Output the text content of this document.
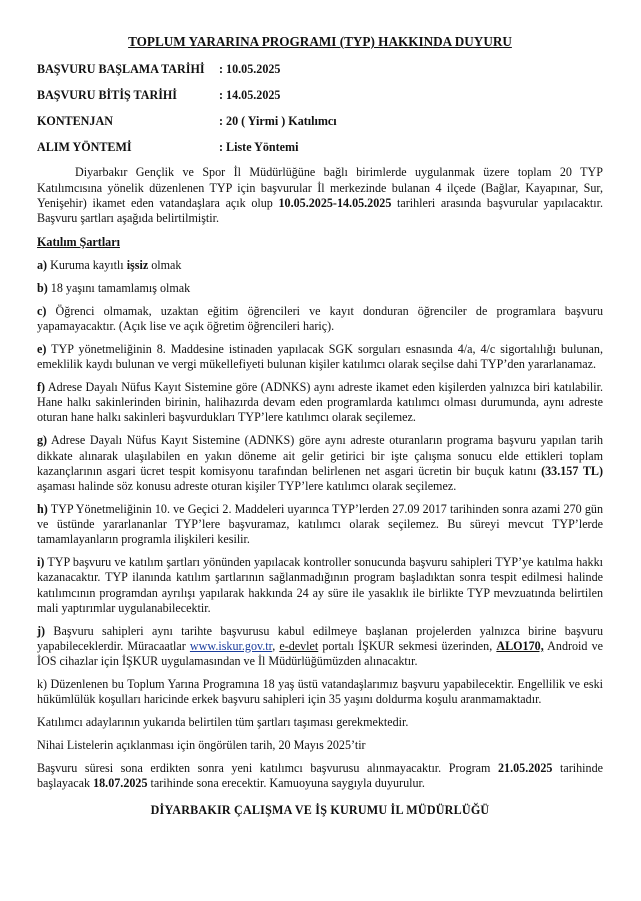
TOPLUM YARARINA PROGRAMI (TYP) HAKKINDA DUYURU
BAŞVURU BAŞLAMA TARİHİ	: 10.05.2025
BAŞVURU BİTİŞ TARİHİ	: 14.05.2025
KONTENJAN	: 20 ( Yirmi ) Katılımcı
ALIM YÖNTEMİ	: Liste Yöntemi

Diyarbakır Gençlik ve Spor İl Müdürlüğüne bağlı birimlerde uygulanmak üzere toplam 20 TYP Katılımcısına yönelik düzenlenen TYP için başvurular İl merkezinde bulanan 4 ilçede (Bağlar, Kayapınar, Sur, Yenişehir) ikamet eden vatandaşlara açık olup 10.05.2025-14.05.2025 tarihleri arasında başvurular yapılacaktır. Başvuru şartları aşağıda belirtilmiştir.

Katılım Şartları

a) Kuruma kayıtlı işsiz olmak

b) 18 yaşını tamamlamış olmak

c) Öğrenci olmamak, uzaktan eğitim öğrencileri ve kayıt donduran öğrenciler de programlara başvuru yapamayacaktır. (Açık lise ve açık öğretim öğrencileri hariç).

e) TYP yönetmeliğinin 8. Maddesine istinaden yapılacak SGK sorguları esnasında 4/a, 4/c sigortalılığı bulunan, emeklilik kaydı bulunan ve vergi mükellefiyeti bulunan kişiler katılımcı olarak seçilse dahi TYP’den yararlanamaz.

f) Adrese Dayalı Nüfus Kayıt Sistemine göre (ADNKS) aynı adreste ikamet eden kişilerden yalnızca biri katılabilir. Hane halkı sakinlerinden birinin, halihazırda devam eden programlarda katılımcı olması durumunda, aynı adreste oturan hane halkı sakinleri başvurdukları TYP’lere katılımcı olarak seçilemez.

g) Adrese Dayalı Nüfus Kayıt Sistemine (ADNKS) göre aynı adreste oturanların programa başvuru yapılan tarih dikkate alınarak ulaşılabilen en yakın döneme ait gelir getirici bir işte çalışma sonucu elde ettikleri toplam kazançlarının asgari ücret tespit komisyonu tarafından belirlenen net asgari ücretin bir buçuk katını (33.157 TL) aşaması halinde söz konusu adreste oturan kişiler TYP’lere katılımcı olarak seçilemez.

h) TYP Yönetmeliğinin 10. ve Geçici 2. Maddeleri uyarınca TYP’lerden 27.09 2017 tarihinden sonra azami 270 gün ve üstünde yararlananlar TYP’lere başvuramaz, katılımcı olarak seçilemez. Bu süreyi mevcut TYP’lerde tamamlayanların programla ilişkileri kesilir.

i) TYP başvuru ve katılım şartları yönünden yapılacak kontroller sonucunda başvuru sahipleri TYP’ye katılma hakkı kazanacaktır. TYP ilanında katılım şartlarının sağlanmadığının program başladıktan sonra tespit edilmesi halinde katılımcının programdan ayrılışı yapılarak hakkında 24 ay süre ile yasaklık ile birlikte TYP mevzuatında belirtilen mali yaptırımlar uygulanabilecektir.

j) Başvuru sahipleri aynı tarihte başvurusu kabul edilmeye başlanan projelerden yalnızca birine başvuru yapabileceklerdir. Müracaatlar www.iskur.gov.tr, e-devlet portalı İŞKUR sekmesi üzerinden, ALO170, Android ve İOS cihazlar için İŞKUR uygulamasından ve İl Müdürlüğümüzden alınacaktır.

k) Düzenlenen bu Toplum Yarına Programına 18 yaş üstü vatandaşlarımız başvuru yapabilecektir. Engellilik ve eski hükümlülük koşulları haricinde erkek başvuru sahipleri için 35 yaşını doldurma koşulu aranmamaktadır.

Katılımcı adaylarının yukarıda belirtilen tüm şartları taşıması gerekmektedir.

Nihai Listelerin açıklanması için öngörülen tarih, 20 Mayıs 2025’tir

Başvuru süresi sona erdikten sonra yeni katılımcı başvurusu alınmayacaktır. Program 21.05.2025 tarihinde başlayacak 18.07.2025 tarihinde sona erecektir. Kamuoyuna saygıyla duyurulur.

DİYARBAKIR ÇALIŞMA VE İŞ KURUMU İL MÜDÜRLÜĞÜ
